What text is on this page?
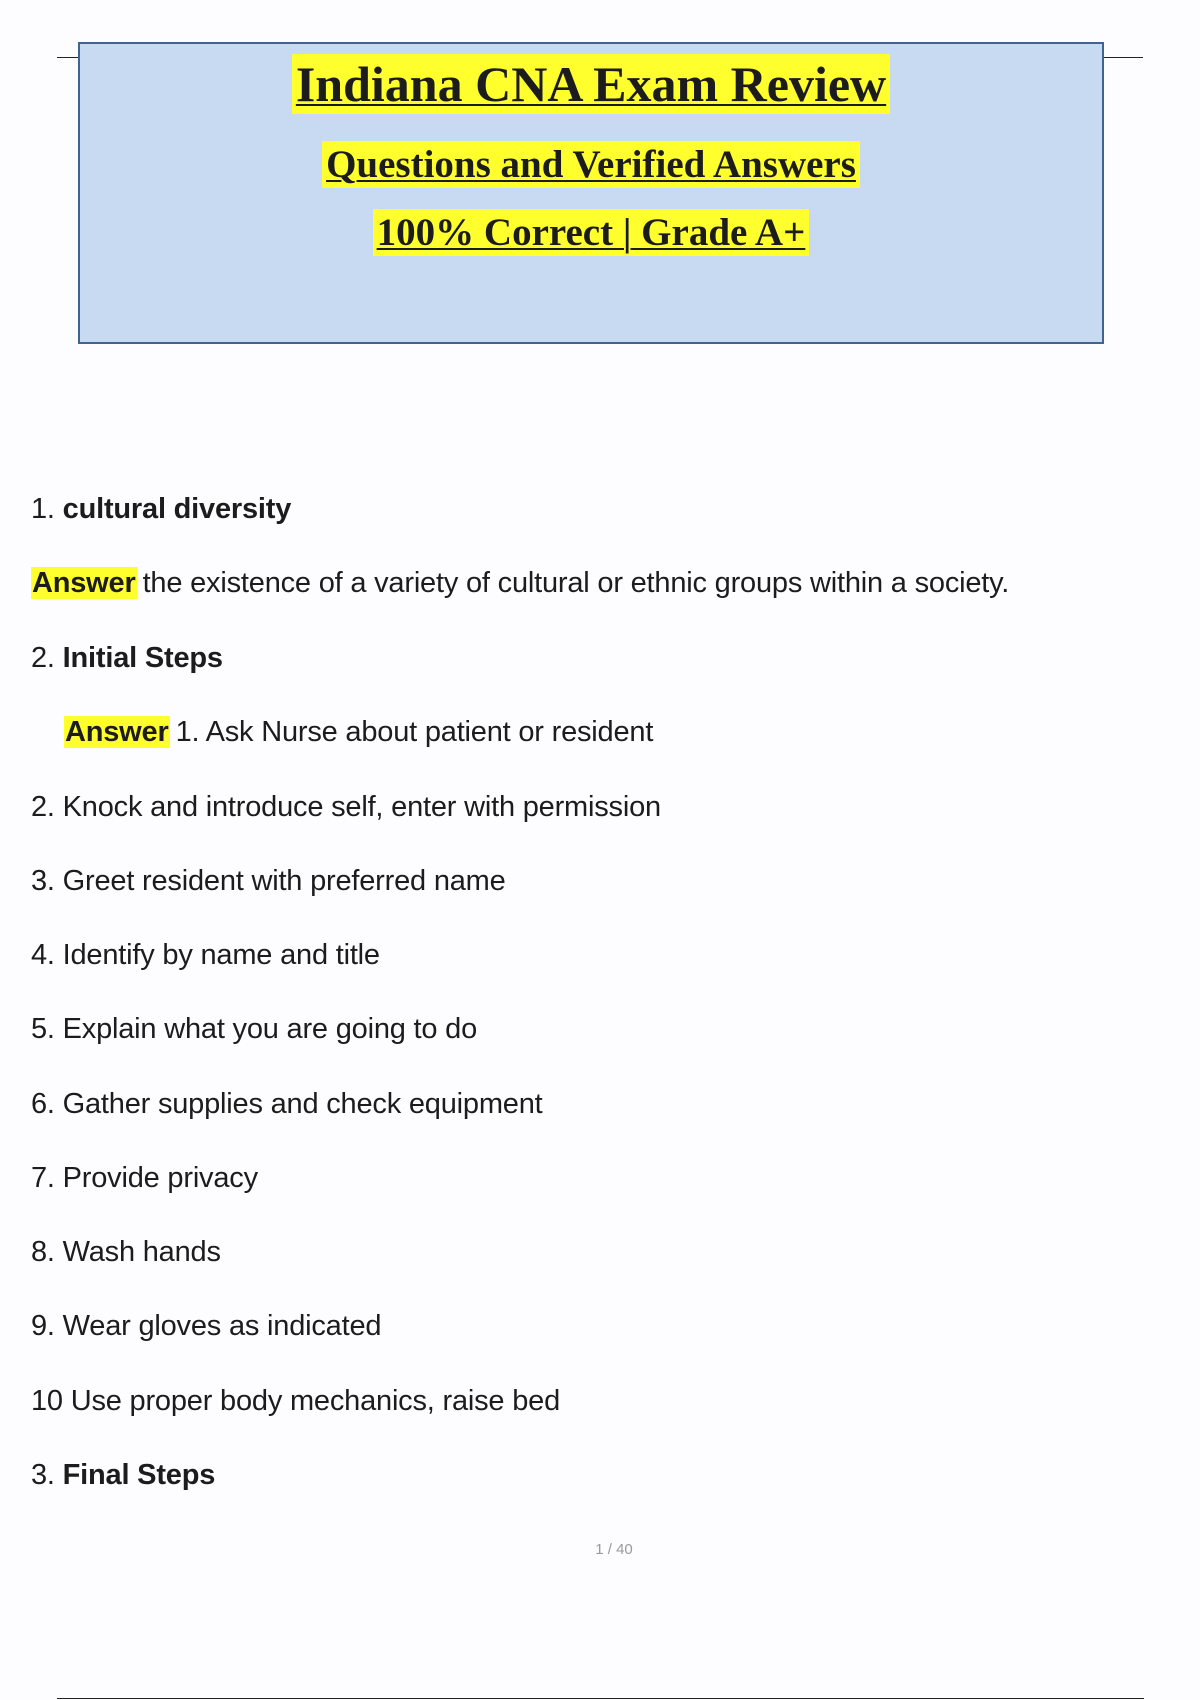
Indiana CNA Exam Review
Questions and Verified Answers
100% Correct | Grade A+
1. cultural diversity
Answer the existence of a variety of cultural or ethnic groups within a society.
2. Initial Steps
Answer 1. Ask Nurse about patient or resident
2. Knock and introduce self, enter with permission
3. Greet resident with preferred name
4. Identify by name and title
5. Explain what you are going to do
6. Gather supplies and check equipment
7. Provide privacy
8. Wash hands
9. Wear gloves as indicated
10 Use proper body mechanics, raise bed
3. Final Steps
1 / 40
